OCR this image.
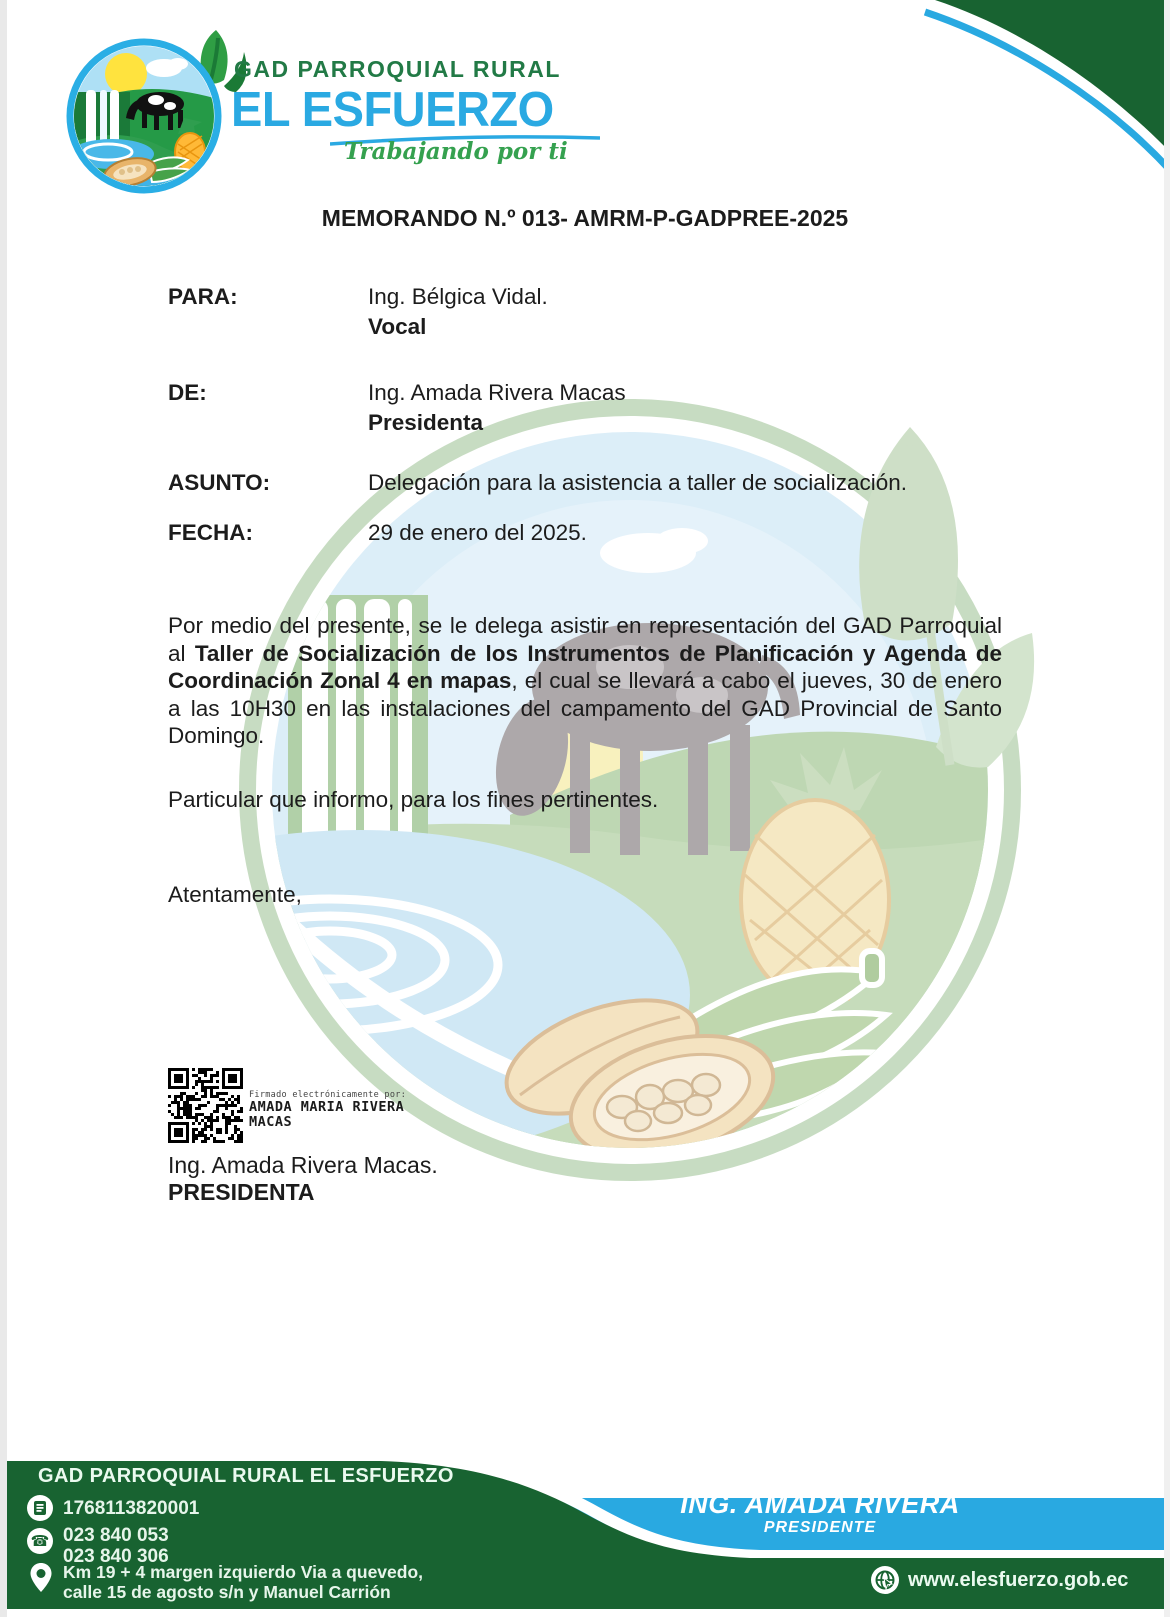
GAD PARROQUIAL RURAL
EL ESFUERZO
Trabajando por ti
MEMORANDO N.º 013- AMRM-P-GADPREE-2025
PARA:	Ing. Bélgica Vidal.
Vocal
DE:	Ing. Amada Rivera Macas
Presidenta
ASUNTO:	Delegación para la asistencia a taller de socialización.
FECHA:	29 de enero del 2025.
Por medio del presente, se le delega asistir en representación del GAD Parroquial al Taller de Socialización de los Instrumentos de Planificación y Agenda de Coordinación Zonal 4 en mapas, el cual se llevará a cabo el jueves, 30 de enero a las 10H30 en las instalaciones del campamento del GAD Provincial de Santo Domingo.
Particular que informo, para los fines pertinentes.
Atentamente,
Firmado electrónicamente por:
AMADA MARIA RIVERA MACAS
Ing. Amada Rivera Macas.
PRESIDENTA
GAD PARROQUIAL RURAL EL ESFUERZO
1768113820001
☎ 023 840 053
023 840 306
Km 19 + 4 margen izquierdo Via a quevedo,
calle 15 de agosto s/n y Manuel Carrión
ING. AMADA RIVERA
PRESIDENTE
www.elesfuerzo.gob.ec
